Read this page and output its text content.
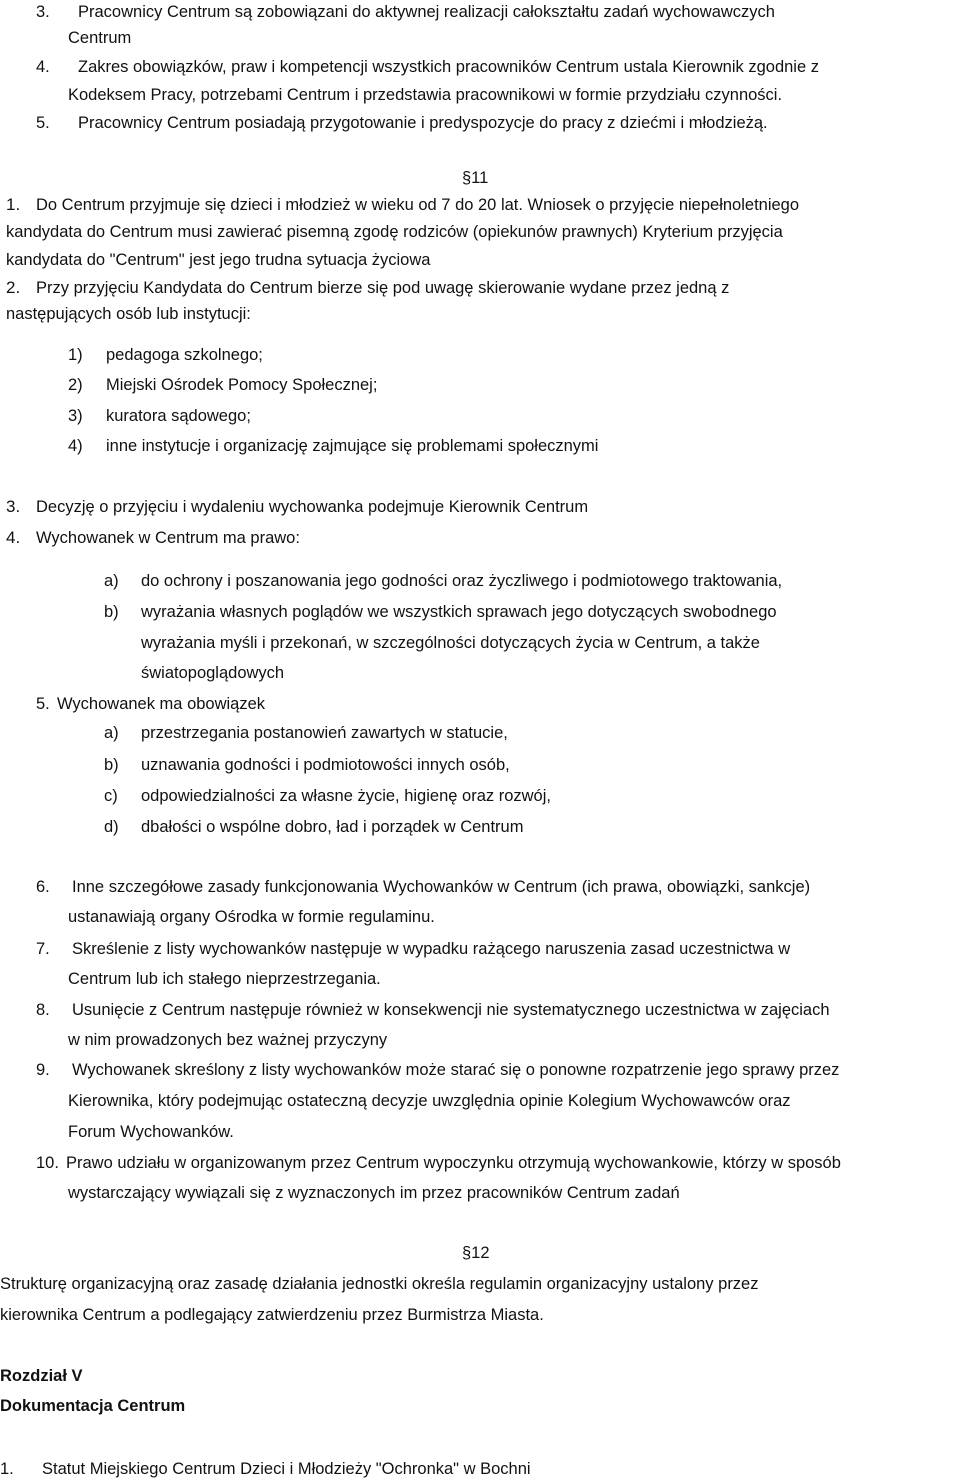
3. Pracownicy Centrum są zobowiązani do aktywnej realizacji całokształtu zadań wychowawczych
Centrum
4. Zakres obowiązków, praw i kompetencji wszystkich pracowników Centrum ustala Kierownik zgodnie z
Kodeksem Pracy, potrzebami Centrum i przedstawia pracownikowi w formie przydziału czynności.
5. Pracownicy Centrum posiadają przygotowanie i predyspozycje do pracy z dziećmi i młodzieżą.
§11
1. Do Centrum przyjmuje się dzieci i młodzież w wieku od 7 do 20 lat. Wniosek o przyjęcie niepełnoletniego
kandydata do Centrum musi zawierać pisemną zgodę rodziców (opiekunów prawnych) Kryterium przyjęcia
kandydata do "Centrum" jest jego trudna sytuacja życiowa
2. Przy przyjęciu Kandydata do Centrum bierze się pod uwagę skierowanie wydane przez jedną z
następujących osób lub instytucji:
1) pedagoga szkolnego;
2) Miejski Ośrodek Pomocy Społecznej;
3) kuratora sądowego;
4) inne instytucje i organizację zajmujące się problemami społecznymi
3. Decyzję o przyjęciu i wydaleniu wychowanka podejmuje Kierownik Centrum
4. Wychowanek w Centrum ma prawo:
a) do ochrony i poszanowania jego godności oraz życzliwego i podmiotowego traktowania,
b) wyrażania własnych poglądów we wszystkich sprawach jego dotyczących swobodnego
wyrażania myśli i przekonań, w szczególności dotyczących życia w Centrum, a także
światopoglądowych
5. Wychowanek ma obowiązek
a) przestrzegania postanowień zawartych w statucie,
b) uznawania godności i podmiotowości innych osób,
c) odpowiedzialności za własne życie, higienę oraz rozwój,
d) dbałości o wspólne dobro, ład i porządek w Centrum
6. Inne szczegółowe zasady funkcjonowania Wychowanków w Centrum (ich prawa, obowiązki, sankcje)
ustanawiają organy Ośrodka w formie regulaminu.
7. Skreślenie z listy wychowanków następuje w wypadku rażącego naruszenia zasad uczestnictwa w
Centrum lub ich stałego nieprzestrzegania.
8. Usunięcie z Centrum następuje również w konsekwencji nie systematycznego uczestnictwa w zajęciach
w nim prowadzonych bez ważnej przyczyny
9. Wychowanek skreślony z listy wychowanków może starać się o ponowne rozpatrzenie jego sprawy przez
Kierownika, który podejmując ostateczną decyzje uwzględnia opinie Kolegium Wychowawców oraz
Forum Wychowanków.
10. Prawo udziału w organizowanym przez Centrum wypoczynku otrzymują wychowankowie, którzy w sposób
wystarczający wywiązali się z wyznaczonych im przez pracowników Centrum zadań
§12
Strukturę organizacyjną oraz zasadę działania jednostki określa regulamin organizacyjny ustalony przez
kierownika Centrum a podlegający zatwierdzeniu przez Burmistrza Miasta.
Rozdział V
Dokumentacja Centrum
1. Statut Miejskiego Centrum Dzieci i Młodzieży "Ochronka" w Bochni
